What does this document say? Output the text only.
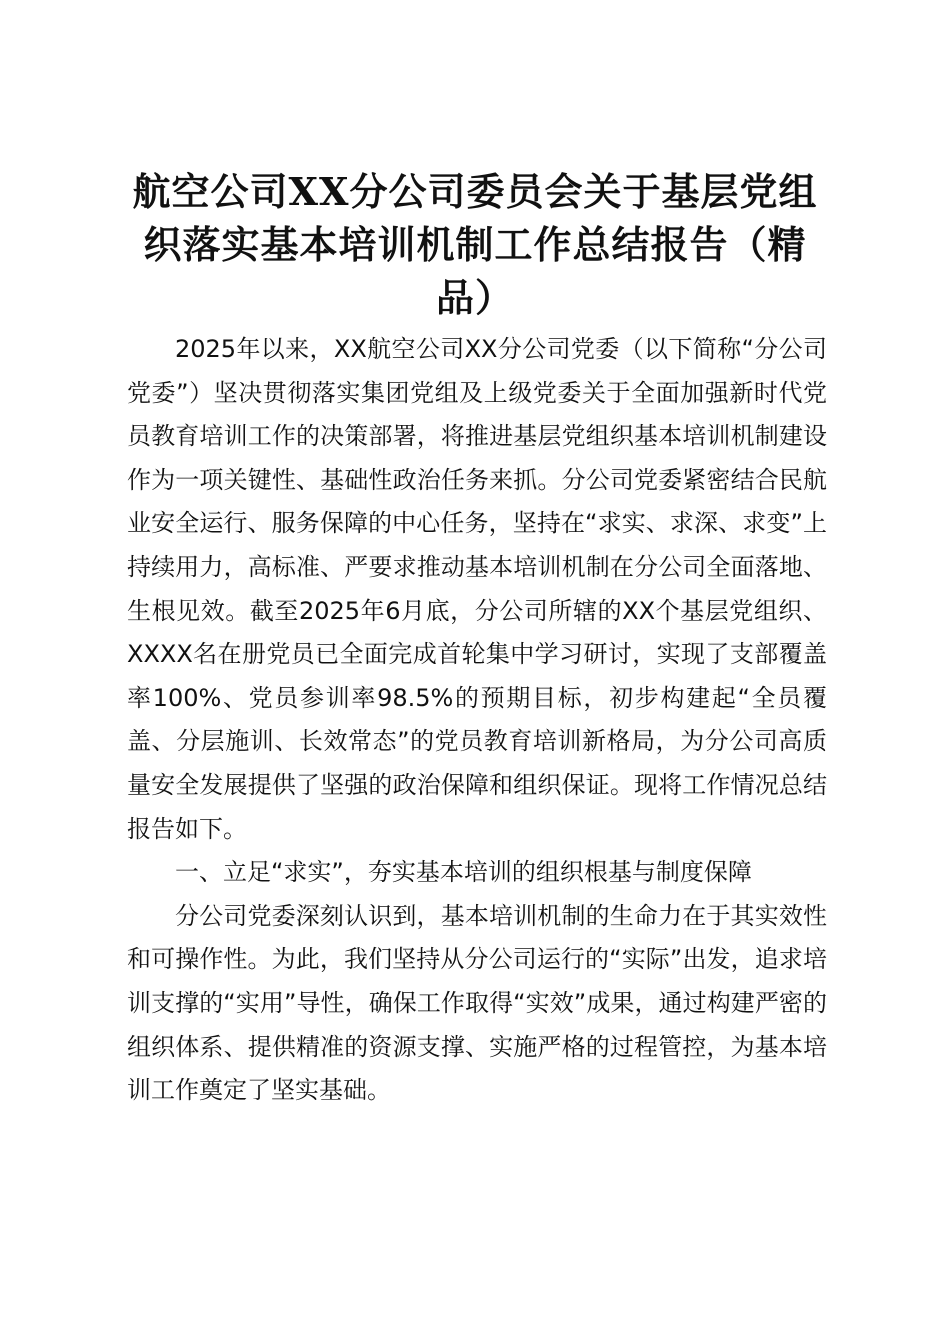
航空公司XX分公司委员会关于基层党组织落实基本培训机制工作总结报告（精品）

2025年以来，XX航空公司XX分公司党委（以下简称“分公司党委”）坚决贯彻落实集团党组及上级党委关于全面加强新时代党员教育培训工作的决策部署，将推进基层党组织基本培训机制建设作为一项关键性、基础性政治任务来抓。分公司党委紧密结合民航业安全运行、服务保障的中心任务，坚持在“求实、求深、求变”上持续用力，高标准、严要求推动基本培训机制在分公司全面落地、生根见效。截至2025年6月底，分公司所辖的XX个基层党组织、XXXX名在册党员已全面完成首轮集中学习研讨，实现了支部覆盖率100%、党员参训率98.5%的预期目标，初步构建起“全员覆盖、分层施训、长效常态”的党员教育培训新格局，为分公司高质量安全发展提供了坚强的政治保障和组织保证。现将工作情况总结报告如下。

一、立足“求实”，夯实基本培训的组织根基与制度保障

分公司党委深刻认识到，基本培训机制的生命力在于其实效性和可操作性。为此，我们坚持从分公司运行的“实际”出发，追求培训支撑的“实用”导性，确保工作取得“实效”成果，通过构建严密的组织体系、提供精准的资源支撑、实施严格的过程管控，为基本培训工作奠定了坚实基础。
